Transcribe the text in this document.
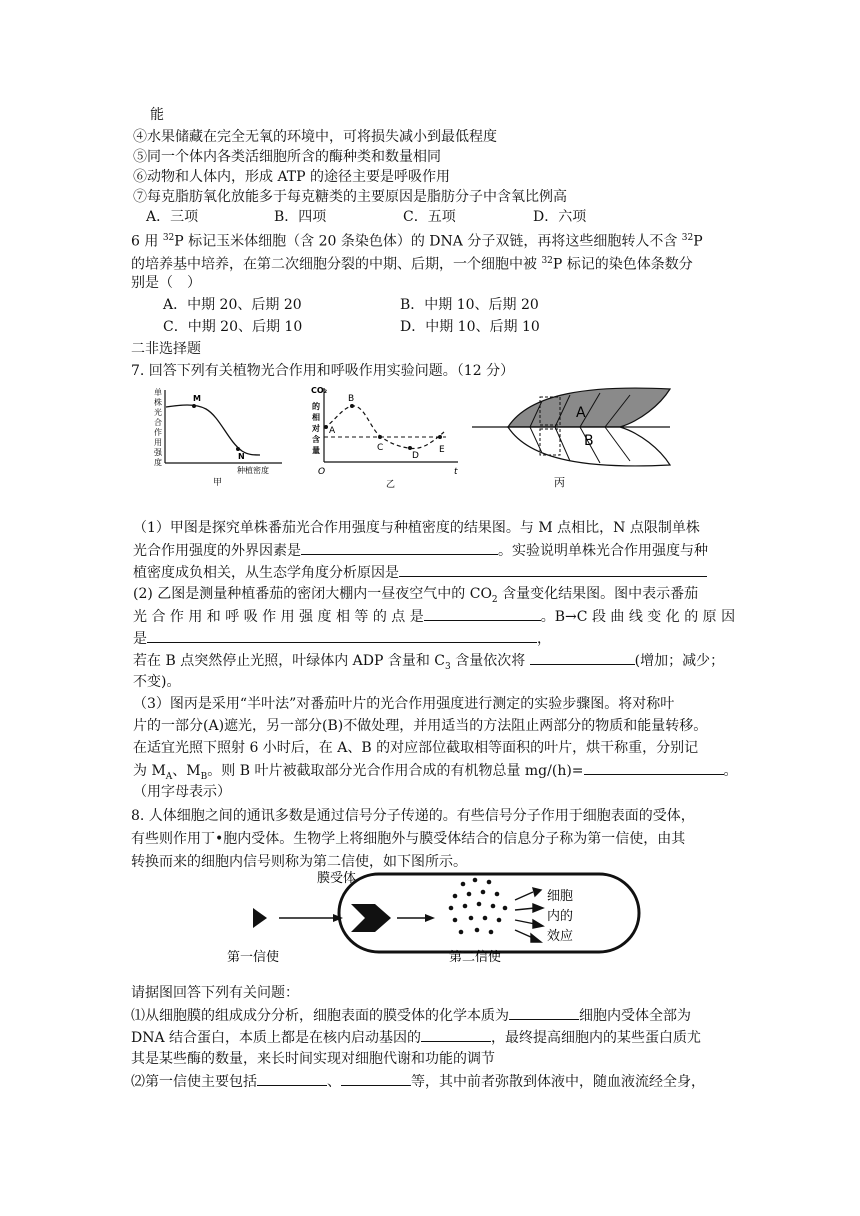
能
④水果储藏在完全无氧的环境中，可将损失减小到最低程度
⑤同一个体内各类活细胞所含的酶种类和数量相同
⑥动物和人体内，形成 ATP 的途径主要是呼吸作用
⑦每克脂肪氧化放能多于每克糖类的主要原因是脂肪分子中含氧比例高
A．三项	B．四项	C．五项	D．六项
6 用 $^{32}$P 标记玉米体细胞（含 20 条染色体）的 DNA 分子双链，再将这些细胞转人不含 $^{32}$P
的培养基中培养，在第二次细胞分裂的中期、后期，一个细胞中被 $^{32}$P 标记的染色体条数分
别是（　）
A．中期 20、后期 20	B．中期 10、后期 20
C．中期 20、后期 10	D．中期 10、后期 10
二非选择题
7. 回答下列有关植物光合作用和呼吸作用实验问题。（12 分）
单
株
光
合
作
用
强
度
M
N
种植密度
甲
CO₂
的
相
对
含
量
A
B
C
D
E
O	t
乙
A
B
丙
（1）甲图是探究单株番茄光合作用强度与种植密度的结果图。与 M 点相比，N 点限制单株
光合作用强度的外界因素是	。实验说明单株光合作用强度与种
植密度成负相关，从生态学角度分析原因是
(2) 乙图是测量种植番茄的密闭大棚内一昼夜空气中的 $CO_2$ 含量变化结果图。图中表示番茄
光 合 作 用 和 呼 吸 作 用 强 度 相 等 的 点 是	。B→C 段 曲 线 变 化 的 原 因
是	，
若在 B 点突然停止光照，叶绿体内 ADP 含量和 $C_3$ 含量依次将	(增加；减少；
不变)。
（3）图丙是采用“半叶法”对番茄叶片的光合作用强度进行测定的实验步骤图。将对称叶
片的一部分(A)遮光，另一部分(B)不做处理，并用适当的方法阻止两部分的物质和能量转移。
在适宜光照下照射 6 小时后，在 A、B 的对应部位截取相等面积的叶片，烘干称重，分别记
为 $M_A$、$M_B$。则 B 叶片被截取部分光合作用合成的有机物总量 mg/(h)=	。
（用字母表示）
8. 人体细胞之间的通讯多数是通过信号分子传递的。有些信号分子作用于细胞表面的受体，
有些则作用丁•胞内受体。生物学上将细胞外与膜受体结合的信息分子称为第一信使，由其
转换而来的细胞内信号则称为第二信使，如下图所示。
膜受体
第一信使	第二信使
细胞
内的
效应
请据图回答下列有关问题：
⑴从细胞膜的组成成分分析，细胞表面的膜受体的化学本质为	细胞内受体全部为
DNA 结合蛋白，本质上都是在核内启动基因的	，最终提高细胞内的某些蛋白质尤
其是某些酶的数量，来长时间实现对细胞代谢和功能的调节
⑵第一信使主要包括	、	等，其中前者弥散到体液中，随血液流经全身，
